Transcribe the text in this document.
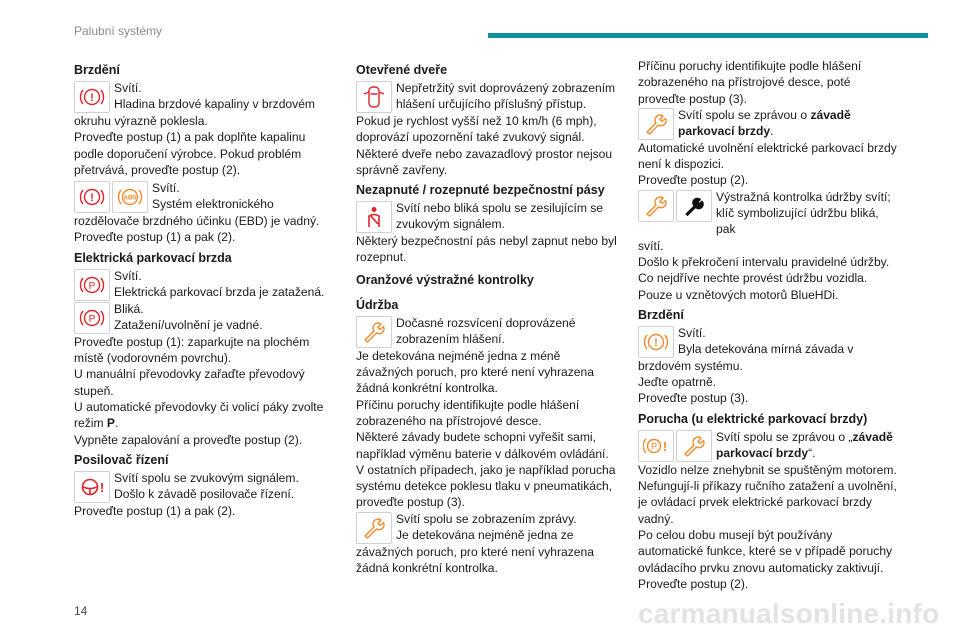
Palubní systémy
Brzdění
!

Svítí.

Hladina brzdové kapaliny v brzdovém

okruhu výrazně poklesla.
Proveďte postup (1) a pak doplňte kapalinu podle doporučení výrobce. Pokud problém přetrvává, proveďte postup (2).

!	ABS

Svítí.

Systém elektronického

rozdělovače brzdného účinku (EBD) je vadný.
Proveďte postup (1) a pak (2).

Elektrická parkovací brzda
P

Svítí.

Elektrická parkovací brzda je zatažená.

P

Bliká.

Zatažení/uvolnění je vadné.

Proveďte postup (1): zaparkujte na plochém místě (vodorovném povrchu).
U manuální převodovky zařaďte převodový stupeň.
U automatické převodovky či volicí páky zvolte režim P.
Vypněte zapalování a proveďte postup (2).

Posilovač řízení
!

Svítí spolu se zvukovým signálem.

Došlo k závadě posilovače řízení.

Proveďte postup (1) a pak (2).

Otevřené dveře

Nepřetržitý svit doprovázený zobrazením hlášení určujícího příslušný přístup.

Pokud je rychlost vyšší než 10 km/h (6 mph), doprovází upozornění také zvukový signál.
Některé dveře nebo zavazadlový prostor nejsou správně zavřeny.

Nezapnuté / rozepnuté bezpečnostní pásy

Svítí nebo bliká spolu se zesilujícím se zvukovým signálem.

Některý bezpečnostní pás nebyl zapnut nebo byl rozepnut.

Oranžové výstražné kontrolky
Údržba

Dočasné rozsvícení doprovázené zobrazením hlášení.

Je detekována nejméně jedna z méně závažných poruch, pro které není vyhrazena žádná konkrétní kontrolka.
Příčinu poruchy identifikujte podle hlášení zobrazeného na přístrojové desce.
Některé závady budete schopni vyřešit sami, například výměnu baterie v dálkovém ovládání.
V ostatních případech, jako je například porucha systému detekce poklesu tlaku v pneumatikách, proveďte postup (3).

Svítí spolu se zobrazením zprávy.

Je detekována nejméně jedna ze

závažných poruch, pro které není vyhrazena žádná konkrétní kontrolka.

Příčinu poruchy identifikujte podle hlášení zobrazeného na přístrojové desce, poté proveďte postup (3).

Svítí spolu se zprávou o závadě parkovací brzdy.

Automatické uvolnění elektrické parkovací brzdy není k dispozici.
Proveďte postup (2).

Výstražná kontrolka údržby svítí; klíč symbolizující údržbu bliká, pak

svítí.
Došlo k překročení intervalu pravidelné údržby.
Co nejdříve nechte provést údržbu vozidla.
Pouze u vznětových motorů BlueHDi.

Brzdění
!

Svítí.

Byla detekována mírná závada v

brzdovém systému.
Jeďte opatrně.
Proveďte postup (3).

Porucha (u elektrické parkovací brzdy)
P !

Svítí spolu se zprávou o „závadě parkovací brzdy“.

Vozidlo nelze znehybnit se spuštěným motorem.
Nefungují-li příkazy ručního zatažení a uvolnění, je ovládací prvek elektrické parkovací brzdy vadný.
Po celou dobu musejí být používány automatické funkce, které se v případě poruchy ovládacího prvku znovu automaticky zaktivují.
Proveďte postup (2).

14	carmanualsonline.info
